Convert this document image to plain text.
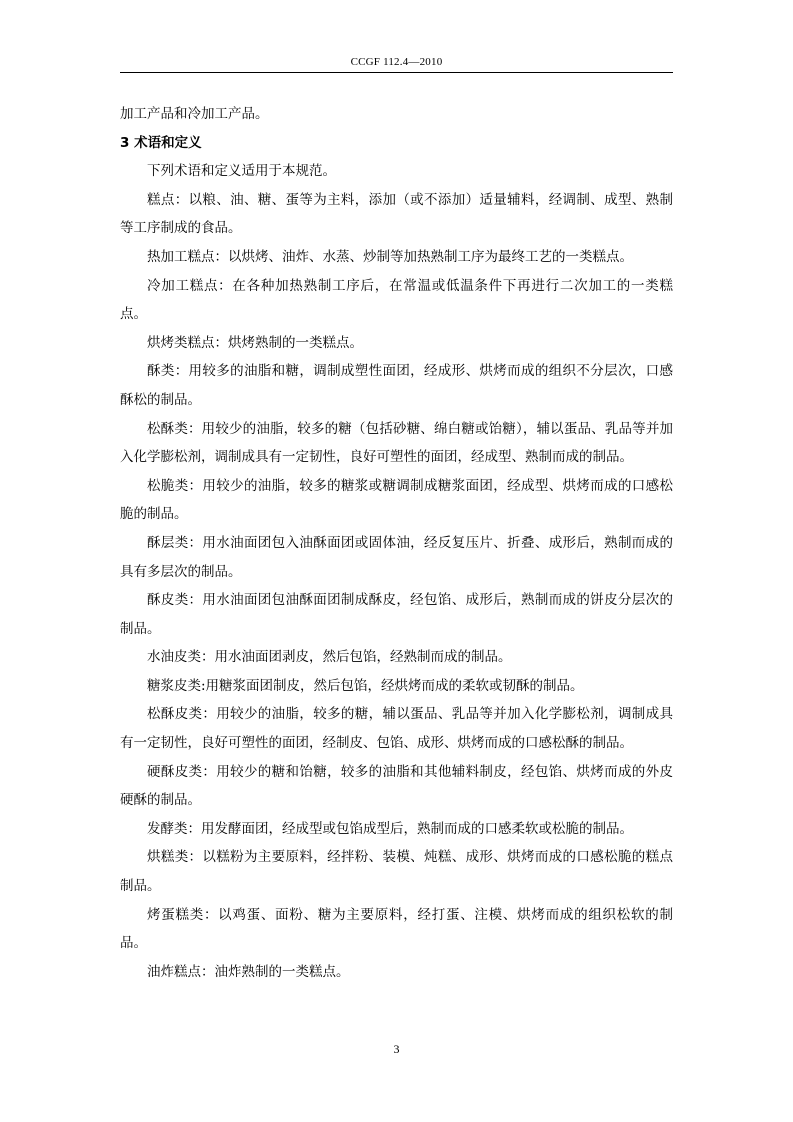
CCGF 112.4—2010

加工产品和冷加工产品。

3 术语和定义

下列术语和定义适用于本规范。

糕点：以粮、油、糖、蛋等为主料，添加（或不添加）适量辅料，经调制、成型、熟制等工序制成的食品。

热加工糕点：以烘烤、油炸、水蒸、炒制等加热熟制工序为最终工艺的一类糕点。

冷加工糕点：在各种加热熟制工序后，在常温或低温条件下再进行二次加工的一类糕点。

烘烤类糕点：烘烤熟制的一类糕点。

酥类：用较多的油脂和糖，调制成塑性面团，经成形、烘烤而成的组织不分层次，口感酥松的制品。

松酥类：用较少的油脂，较多的糖（包括砂糖、绵白糖或饴糖），辅以蛋品、乳品等并加入化学膨松剂，调制成具有一定韧性，良好可塑性的面团，经成型、熟制而成的制品。

松脆类：用较少的油脂，较多的糖浆或糖调制成糖浆面团，经成型、烘烤而成的口感松脆的制品。

酥层类：用水油面团包入油酥面团或固体油，经反复压片、折叠、成形后，熟制而成的具有多层次的制品。

酥皮类：用水油面团包油酥面团制成酥皮，经包馅、成形后，熟制而成的饼皮分层次的制品。

水油皮类：用水油面团剥皮，然后包馅，经熟制而成的制品。

糖浆皮类:用糖浆面团制皮，然后包馅，经烘烤而成的柔软或韧酥的制品。

松酥皮类：用较少的油脂，较多的糖，辅以蛋品、乳品等并加入化学膨松剂，调制成具有一定韧性，良好可塑性的面团，经制皮、包馅、成形、烘烤而成的口感松酥的制品。

硬酥皮类：用较少的糖和饴糖，较多的油脂和其他辅料制皮，经包馅、烘烤而成的外皮硬酥的制品。

发酵类：用发酵面团，经成型或包馅成型后，熟制而成的口感柔软或松脆的制品。

烘糕类：以糕粉为主要原料，经拌粉、装模、炖糕、成形、烘烤而成的口感松脆的糕点制品。

烤蛋糕类：以鸡蛋、面粉、糖为主要原料，经打蛋、注模、烘烤而成的组织松软的制品。

油炸糕点：油炸熟制的一类糕点。

3
